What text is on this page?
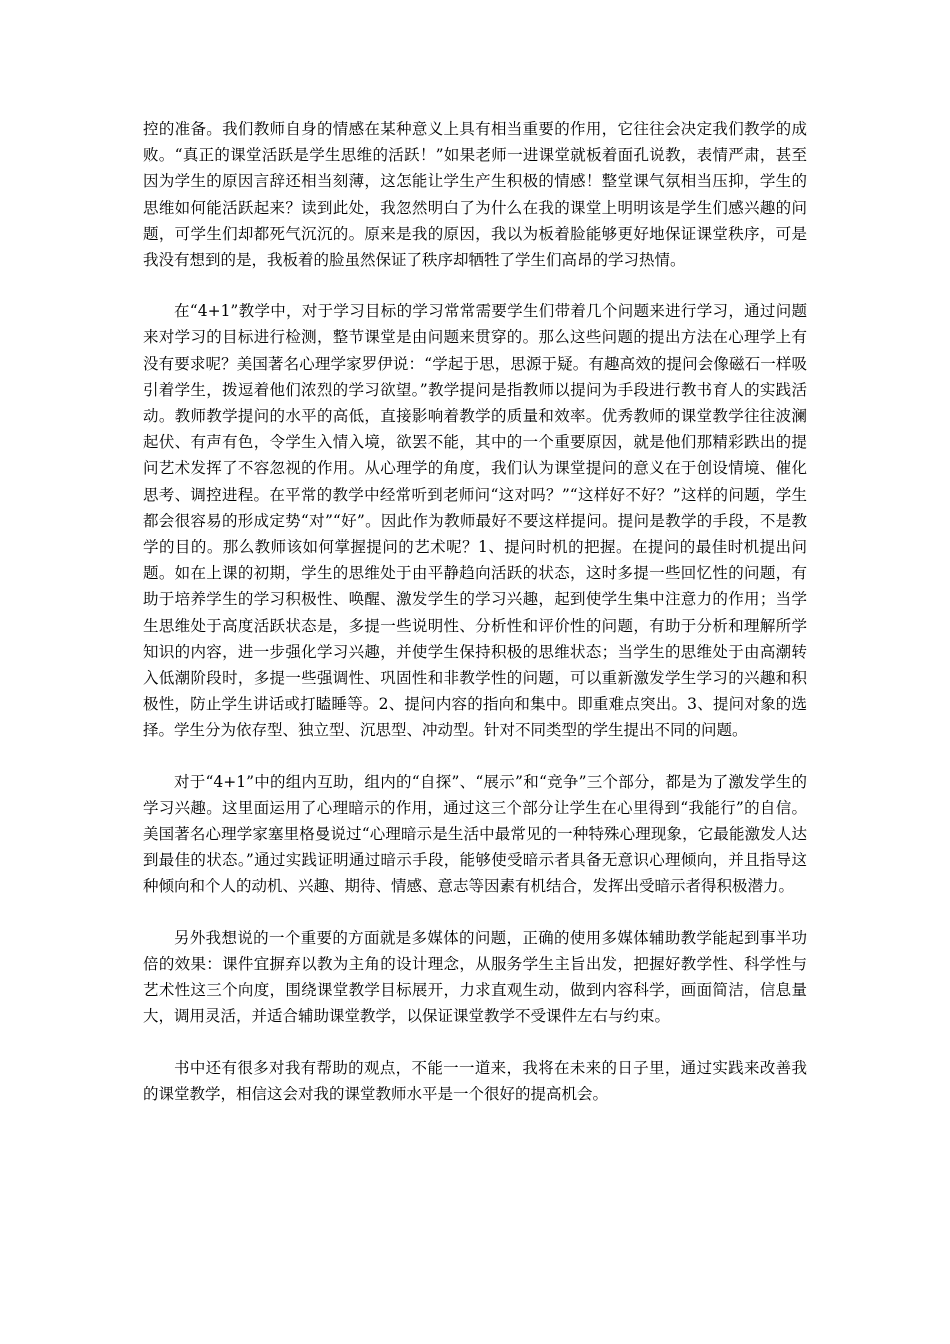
控的准备。我们教师自身的情感在某种意义上具有相当重要的作用，它往往会决定我们教学的成败。“真正的课堂活跃是学生思维的活跃！”如果老师一进课堂就板着面孔说教，表情严肃，甚至因为学生的原因言辞还相当刻薄，这怎能让学生产生积极的情感！整堂课气氛相当压抑，学生的思维如何能活跃起来？读到此处，我忽然明白了为什么在我的课堂上明明该是学生们感兴趣的问题，可学生们却都死气沉沉的。原来是我的原因，我以为板着脸能够更好地保证课堂秩序，可是我没有想到的是，我板着的脸虽然保证了秩序却牺牲了学生们高昂的学习热情。

在“4+1”教学中，对于学习目标的学习常常需要学生们带着几个问题来进行学习，通过问题来对学习的目标进行检测，整节课堂是由问题来贯穿的。那么这些问题的提出方法在心理学上有没有要求呢？美国著名心理学家罗伊说：“学起于思，思源于疑。有趣高效的提问会像磁石一样吸引着学生，拨逗着他们浓烈的学习欲望。”教学提问是指教师以提问为手段进行教书育人的实践活动。教师教学提问的水平的高低，直接影响着教学的质量和效率。优秀教师的课堂教学往往波澜起伏、有声有色，令学生入情入境，欲罢不能，其中的一个重要原因，就是他们那精彩跌出的提问艺术发挥了不容忽视的作用。从心理学的角度，我们认为课堂提问的意义在于创设情境、催化思考、调控进程。在平常的教学中经常听到老师问“这对吗？”“这样好不好？”这样的问题，学生都会很容易的形成定势“对”“好”。因此作为教师最好不要这样提问。提问是教学的手段，不是教学的目的。那么教师该如何掌握提问的艺术呢？1、提问时机的把握。在提问的最佳时机提出问题。如在上课的初期，学生的思维处于由平静趋向活跃的状态，这时多提一些回忆性的问题，有助于培养学生的学习积极性、唤醒、激发学生的学习兴趣，起到使学生集中注意力的作用；当学生思维处于高度活跃状态是，多提一些说明性、分析性和评价性的问题，有助于分析和理解所学知识的内容，进一步强化学习兴趣，并使学生保持积极的思维状态；当学生的思维处于由高潮转入低潮阶段时，多提一些强调性、巩固性和非教学性的问题，可以重新激发学生学习的兴趣和积极性，防止学生讲话或打瞌睡等。2、提问内容的指向和集中。即重难点突出。3、提问对象的选择。学生分为依存型、独立型、沉思型、冲动型。针对不同类型的学生提出不同的问题。

对于“4+1”中的组内互助，组内的“自探”、“展示”和“竞争”三个部分，都是为了激发学生的学习兴趣。这里面运用了心理暗示的作用，通过这三个部分让学生在心里得到“我能行”的自信。美国著名心理学家塞里格曼说过“心理暗示是生活中最常见的一种特殊心理现象，它最能激发人达到最佳的状态。”通过实践证明通过暗示手段，能够使受暗示者具备无意识心理倾向，并且指导这种倾向和个人的动机、兴趣、期待、情感、意志等因素有机结合，发挥出受暗示者得积极潜力。

另外我想说的一个重要的方面就是多媒体的问题，正确的使用多媒体辅助教学能起到事半功倍的效果：课件宜摒弃以教为主角的设计理念，从服务学生主旨出发，把握好教学性、科学性与艺术性这三个向度，围绕课堂教学目标展开，力求直观生动，做到内容科学，画面简洁，信息量大，调用灵活，并适合辅助课堂教学，以保证课堂教学不受课件左右与约束。

书中还有很多对我有帮助的观点，不能一一道来，我将在未来的日子里，通过实践来改善我的课堂教学，相信这会对我的课堂教师水平是一个很好的提高机会。
